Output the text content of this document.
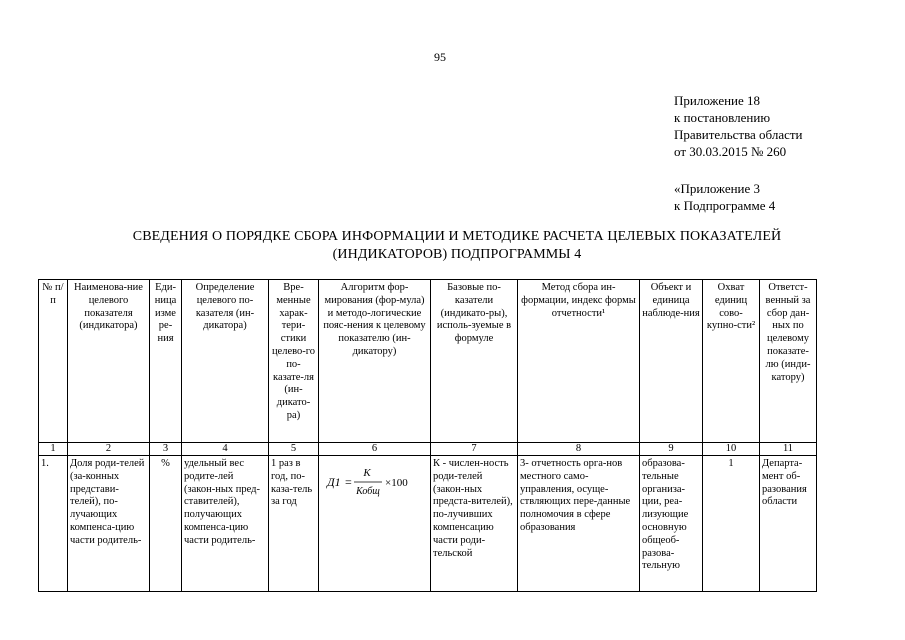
95
Приложение 18
к постановлению
Правительства области
от 30.03.2015 № 260
«Приложение 3
к Подпрограмме 4
СВЕДЕНИЯ О ПОРЯДКЕ СБОРА ИНФОРМАЦИИ И МЕТОДИКЕ РАСЧЕТА ЦЕЛЕВЫХ ПОКАЗАТЕЛЕЙ
(ИНДИКАТОРОВ) ПОДПРОГРАММЫ 4
№ п/п	Наименова-ние целевого показателя (индикатора)	Еди-ница изме ре-ния	Определение целевого по-казателя (ин-дикатора)	Вре-менные харак-тери-стики целево-го по-казате-ля (ин-дикато-ра)	Алгоритм фор-мирования (фор-мула) и методо-логические пояс-нения к целевому показателю (ин-дикатору)	Базовые по-казатели (индикато-ры), исполь-зуемые в формуле	Метод сбора ин-формации, индекс формы отчетности¹	Объект и единица наблюде-ния	Охват единиц сово-купно-сти²	Ответст-венный за сбор дан-ных по целевому показате-лю (инди-катору)
1	2	3	4	5	6	7	8	9	10	11
1.	Доля роди-телей (за-конных представи-телей), по-лучающих компенса-цию части родитель-	%	удельный вес родите-лей (закон-ных пред-ставителей), получающих компенса-цию части родитель-	1 раз в год, по-каза-тель за год	Д1 =
К
Кобщ
×100	К - числен-ность роди-телей (закон-ных предста-вителей), по-лучивших компенсацию части роди-тельской	3- отчетность орга-нов местного само-управления, осуще-ствляющих пере-данные полномочия в сфере образования	образова-тельные организа-ции, реа-лизующие основную общеоб-разова-тельную	1	Департа-мент об-разования области
